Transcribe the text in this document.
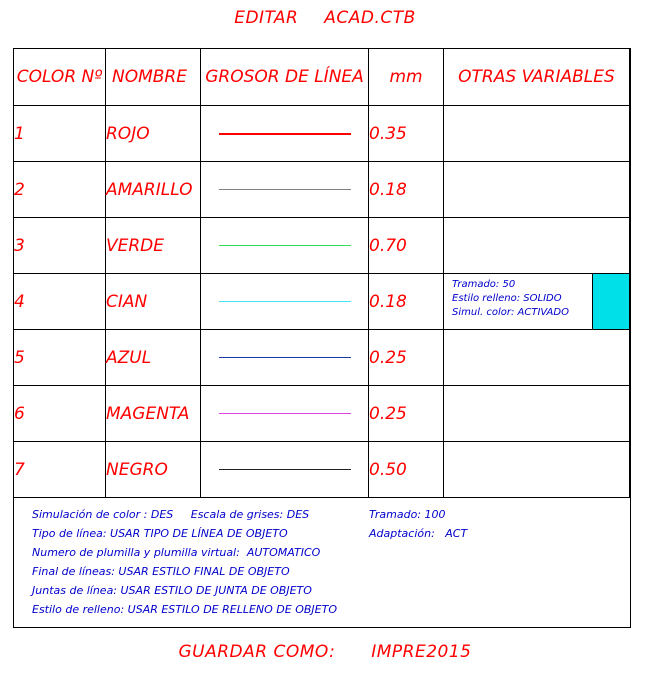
EDITAR ACAD.CTB
COLOR Nº	NOMBRE	GROSOR DE LÍNEA	mm	OTRAS VARIABLES
1	ROJO		0.35	
2	AMARILLO		0.18	
3	VERDE		0.70	
4	CIAN		0.18	Tramado: 50
Estilo relleno: SOLIDO
Simul. color: ACTIVADO

5	AZUL		0.25	
6	MAGENTA		0.25	
7	NEGRO		0.50	
Simulación de color : DES     Escala de grises: DES
Tipo de línea: USAR TIPO DE LÍNEA DE OBJETO
Numero de plumilla y plumilla virtual:  AUTOMATICO
Final de líneas: USAR ESTILO FINAL DE OBJETO
Juntas de línea: USAR ESTILO DE JUNTA DE OBJETO
Estilo de relleno: USAR ESTILO DE RELLENO DE OBJETO
Tramado: 100
Adaptación:   ACT
GUARDAR COMO: IMPRE2015
